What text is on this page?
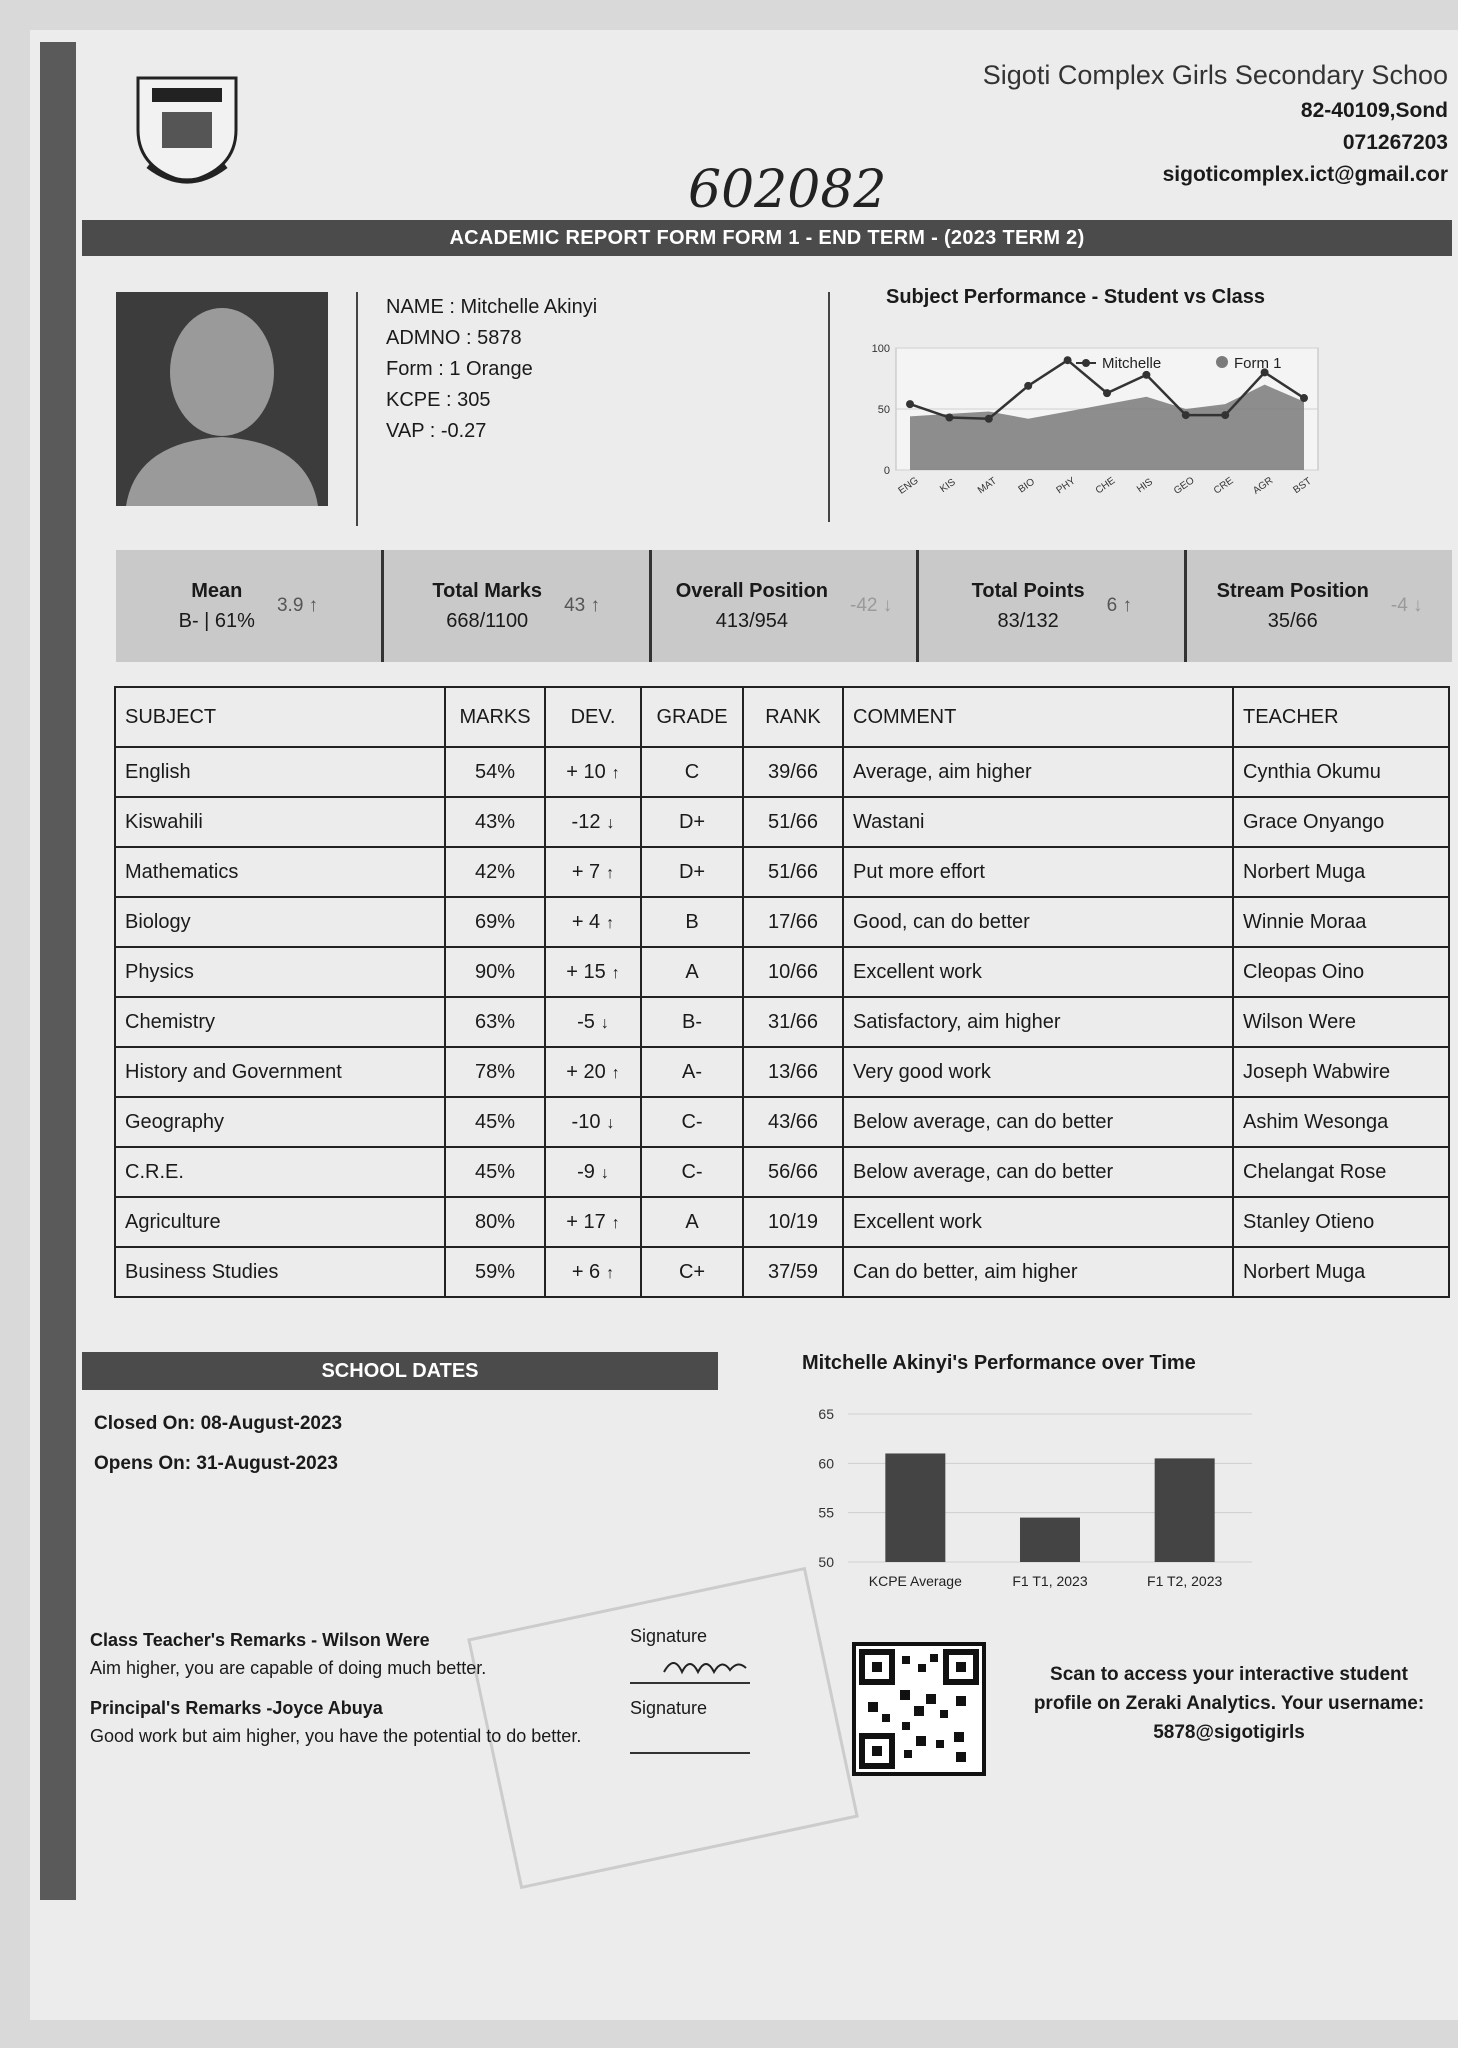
602082
Sigoti Complex Girls Secondary Schoo
82-40109,Sond
071267203
sigoticomplex.ict@gmail.cor
ACADEMIC REPORT FORM FORM 1 - END TERM - (2023 TERM 2)
NAME : Mitchelle Akinyi
ADMNO : 5878
Form : 1 Orange
KCPE : 305
VAP : -0.27
Subject Performance - Student vs Class
0
50
100
ENG KIS MAT BIO PHY CHE HIS GEO CRE AGR BST
Mitchelle	Form 1
Mean
B- | 61%
3.9 ↑
Total Marks
668/1100
43 ↑
Overall Position
413/954
-42 ↓
Total Points
83/132
6 ↑
Stream Position
35/66
-4 ↓
SUBJECT	MARKS	DEV.	GRADE	RANK	COMMENT	TEACHER
English	54%	+ 10 ↑	C	39/66	Average, aim higher	Cynthia Okumu
Kiswahili	43%	-12 ↓	D+	51/66	Wastani	Grace Onyango
Mathematics	42%	+ 7 ↑	D+	51/66	Put more effort	Norbert Muga
Biology	69%	+ 4 ↑	B	17/66	Good, can do better	Winnie Moraa
Physics	90%	+ 15 ↑	A	10/66	Excellent work	Cleopas Oino
Chemistry	63%	-5 ↓	B-	31/66	Satisfactory, aim higher	Wilson Were
History and Government	78%	+ 20 ↑	A-	13/66	Very good work	Joseph Wabwire
Geography	45%	-10 ↓	C-	43/66	Below average, can do better	Ashim Wesonga
C.R.E.	45%	-9 ↓	C-	56/66	Below average, can do better	Chelangat Rose
Agriculture	80%	+ 17 ↑	A	10/19	Excellent work	Stanley Otieno
Business Studies	59%	+ 6 ↑	C+	37/59	Can do better, aim higher	Norbert Muga
SCHOOL DATES
Closed On: 08-August-2023
Opens On: 31-August-2023
Mitchelle Akinyi's Performance over Time
50
55
60
65
KCPE Average	F1 T1, 2023	F1 T2, 2023
Class Teacher's Remarks - Wilson Were
Aim higher, you are capable of doing much better.
Principal's Remarks -Joyce Abuya
Good work but aim higher, you have the potential to do better.
Signature
Signature
Scan to access your interactive student profile on Zeraki Analytics. Your username: 5878@sigotigirls
